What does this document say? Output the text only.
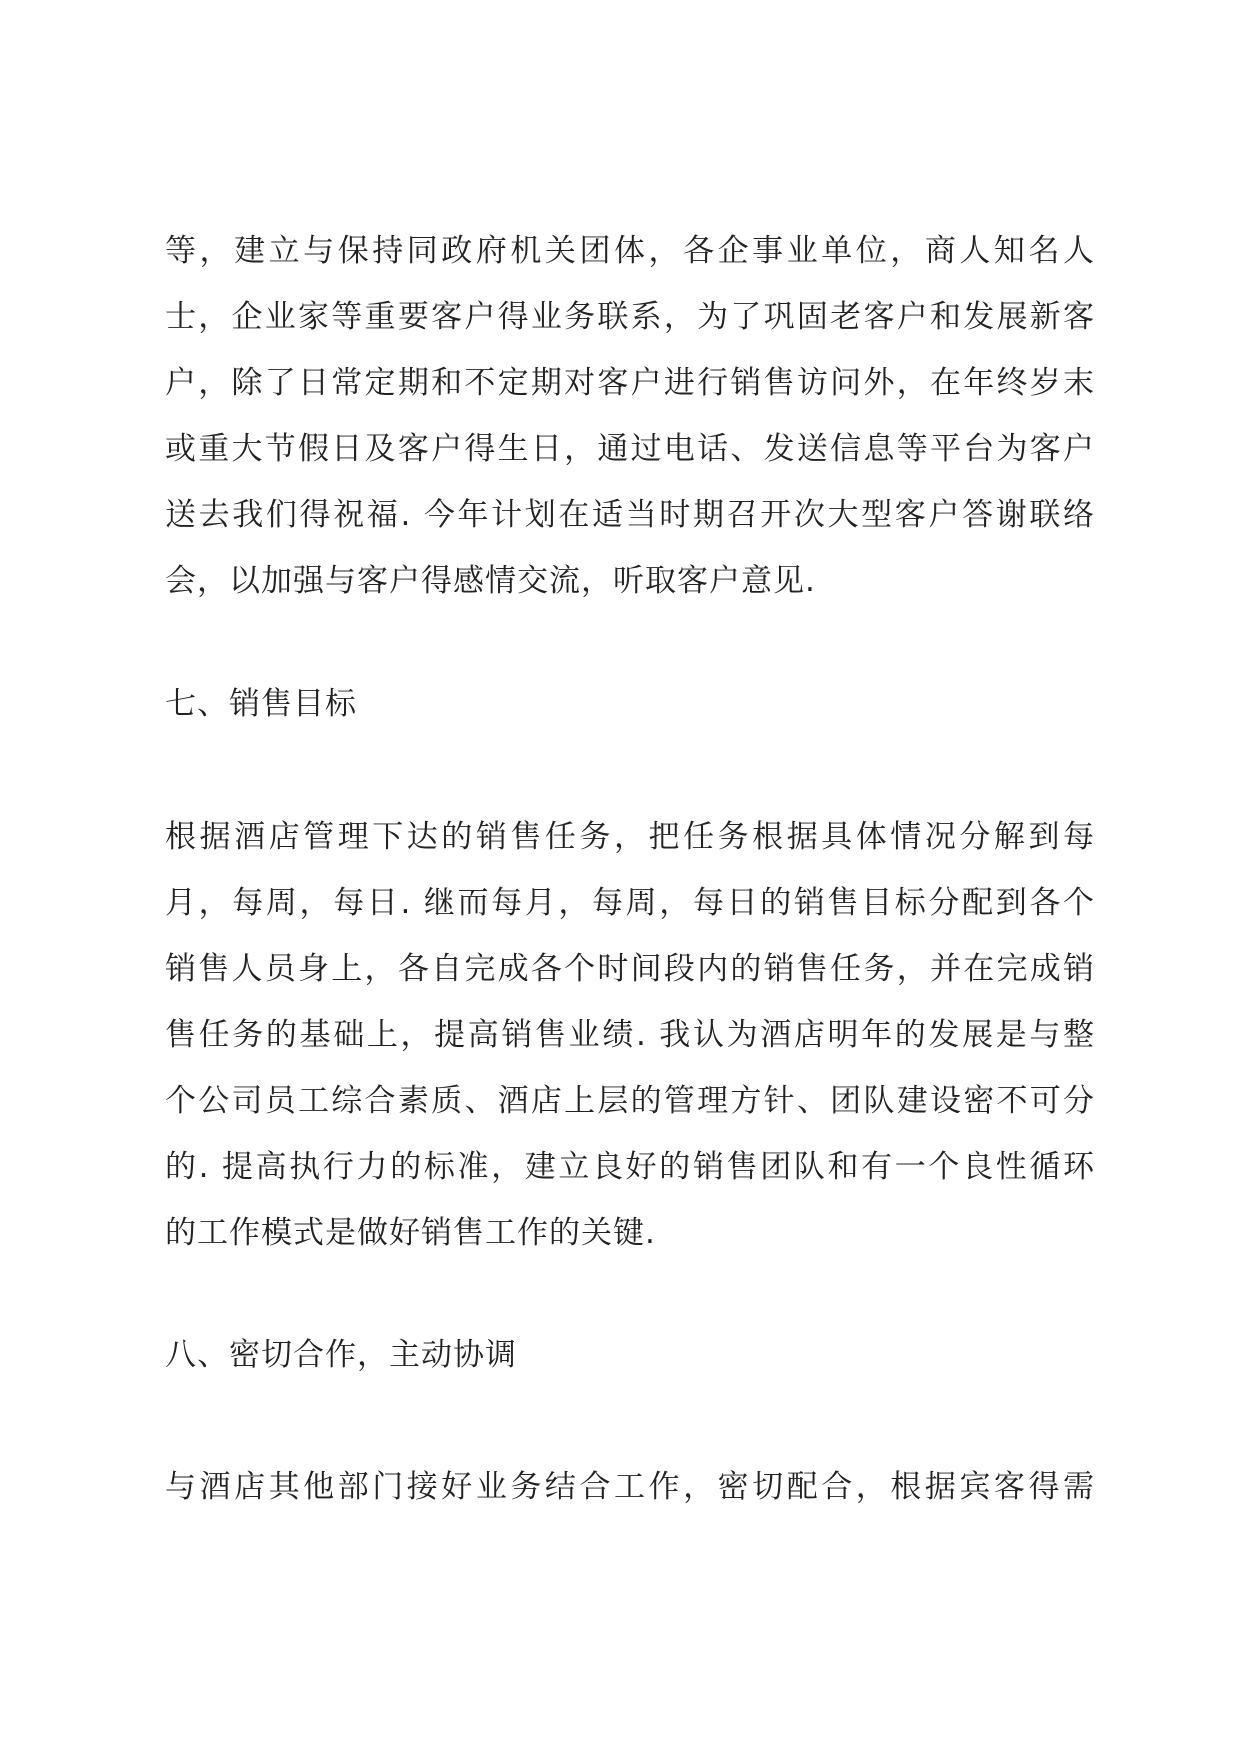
等，建立与保持同政府机关团体，各企事业单位，商人知名人
士，企业家等重要客户得业务联系，为了巩固老客户和发展新客
户，除了日常定期和不定期对客户进行销售访问外，在年终岁末
或重大节假日及客户得生日，通过电话、发送信息等平台为客户
送去我们得祝福. 今年计划在适当时期召开次大型客户答谢联络
会，以加强与客户得感情交流，听取客户意见.
七、销售目标
根据酒店管理下达的销售任务，把任务根据具体情况分解到每
月，每周，每日. 继而每月，每周，每日的销售目标分配到各个
销售人员身上，各自完成各个时间段内的销售任务，并在完成销
售任务的基础上，提高销售业绩. 我认为酒店明年的发展是与整
个公司员工综合素质、酒店上层的管理方针、团队建设密不可分
的. 提高执行力的标准，建立良好的销售团队和有一个良性循环
的工作模式是做好销售工作的关键.
八、密切合作，主动协调
与酒店其他部门接好业务结合工作，密切配合，根据宾客得需
